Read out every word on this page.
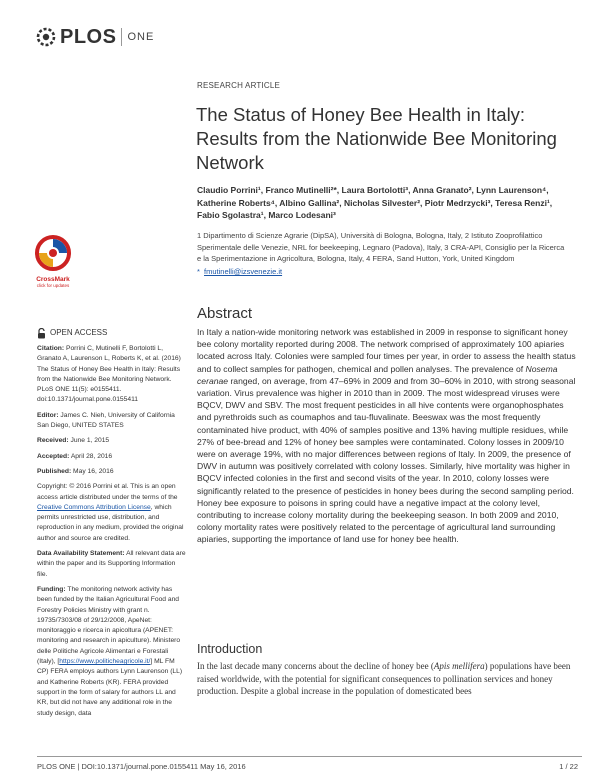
PLOS ONE
RESEARCH ARTICLE
The Status of Honey Bee Health in Italy: Results from the Nationwide Bee Monitoring Network
Claudio Porrini¹, Franco Mutinelli²*, Laura Bortolotti³, Anna Granato², Lynn Laurenson⁴, Katherine Roberts⁴, Albino Gallina², Nicholas Silvester², Piotr Medrzycki³, Teresa Renzi¹, Fabio Sgolastra¹, Marco Lodesani³
1 Dipartimento di Scienze Agrarie (DipSA), Università di Bologna, Bologna, Italy, 2 Istituto Zooprofilattico Sperimentale delle Venezie, NRL for beekeeping, Legnaro (Padova), Italy, 3 CRA-API, Consiglio per la Ricerca e la Sperimentazione in Agricoltura, Bologna, Italy, 4 FERA, Sand Hutton, York, United Kingdom
* fmutinelli@izsvenezie.it
CrossMark
click for updates
Abstract
In Italy a nation-wide monitoring network was established in 2009 in response to significant honey bee colony mortality reported during 2008. The network comprised of approximately 100 apiaries located across Italy. Colonies were sampled four times per year, in order to assess the health status and to collect samples for pathogen, chemical and pollen analyses. The prevalence of Nosema ceranae ranged, on average, from 47–69% in 2009 and from 30–60% in 2010, with strong seasonal variation. Virus prevalence was higher in 2010 than in 2009. The most widespread viruses were BQCV, DWV and SBV. The most frequent pesticides in all hive contents were organophosphates and pyrethroids such as coumaphos and tau-fluvalinate. Beeswax was the most frequently contaminated hive product, with 40% of samples positive and 13% having multiple residues, while 27% of bee-bread and 12% of honey bee samples were contaminated. Colony losses in 2009/10 were on average 19%, with no major differences between regions of Italy. In 2009, the presence of DWV in autumn was positively correlated with colony losses. Similarly, hive mortality was higher in BQCV infected colonies in the first and second visits of the year. In 2010, colony losses were significantly related to the presence of pesticides in honey bees during the second sampling period. Honey bee exposure to poisons in spring could have a negative impact at the colony level, contributing to increase colony mortality during the beekeeping season. In both 2009 and 2010, colony mortality rates were positively related to the percentage of agricultural land surrounding apiaries, supporting the importance of land use for honey bee health.
Introduction
In the last decade many concerns about the decline of honey bee (Apis mellifera) populations have been raised worldwide, with the potential for significant consequences to pollination services and honey production. Despite a global increase in the population of domesticated bees
OPEN ACCESS

Citation: Porrini C, Mutinelli F, Bortolotti L, Granato A, Laurenson L, Roberts K, et al. (2016) The Status of Honey Bee Health in Italy: Results from the Nationwide Bee Monitoring Network. PLoS ONE 11(5): e0155411. doi:10.1371/journal.pone.0155411

Editor: James C. Nieh, University of California San Diego, UNITED STATES

Received: June 1, 2015

Accepted: April 28, 2016

Published: May 16, 2016

Copyright: © 2016 Porrini et al. This is an open access article distributed under the terms of the Creative Commons Attribution License, which permits unrestricted use, distribution, and reproduction in any medium, provided the original author and source are credited.

Data Availability Statement: All relevant data are within the paper and its Supporting Information file.

Funding: The monitoring network activity has been funded by the Italian Agricultural Food and Forestry Policies Ministry with grant n. 19735/7303/08 of 29/12/2008, ApeNet: monitoraggio e ricerca in apicoltura (APENET: monitoring and research in apiculture). Ministero delle Politiche Agricole Alimentari e Forestali (Italy), [https://www.politicheagricole.it/] ML FM CP) FERA employs authors Lynn Laurenson (LL) and Katherine Roberts (KR). FERA provided support in the form of salary for authors LL and KR, but did not have any additional role in the study design, data

PLOS ONE | DOI:10.1371/journal.pone.0155411 May 16, 2016	1 / 22
